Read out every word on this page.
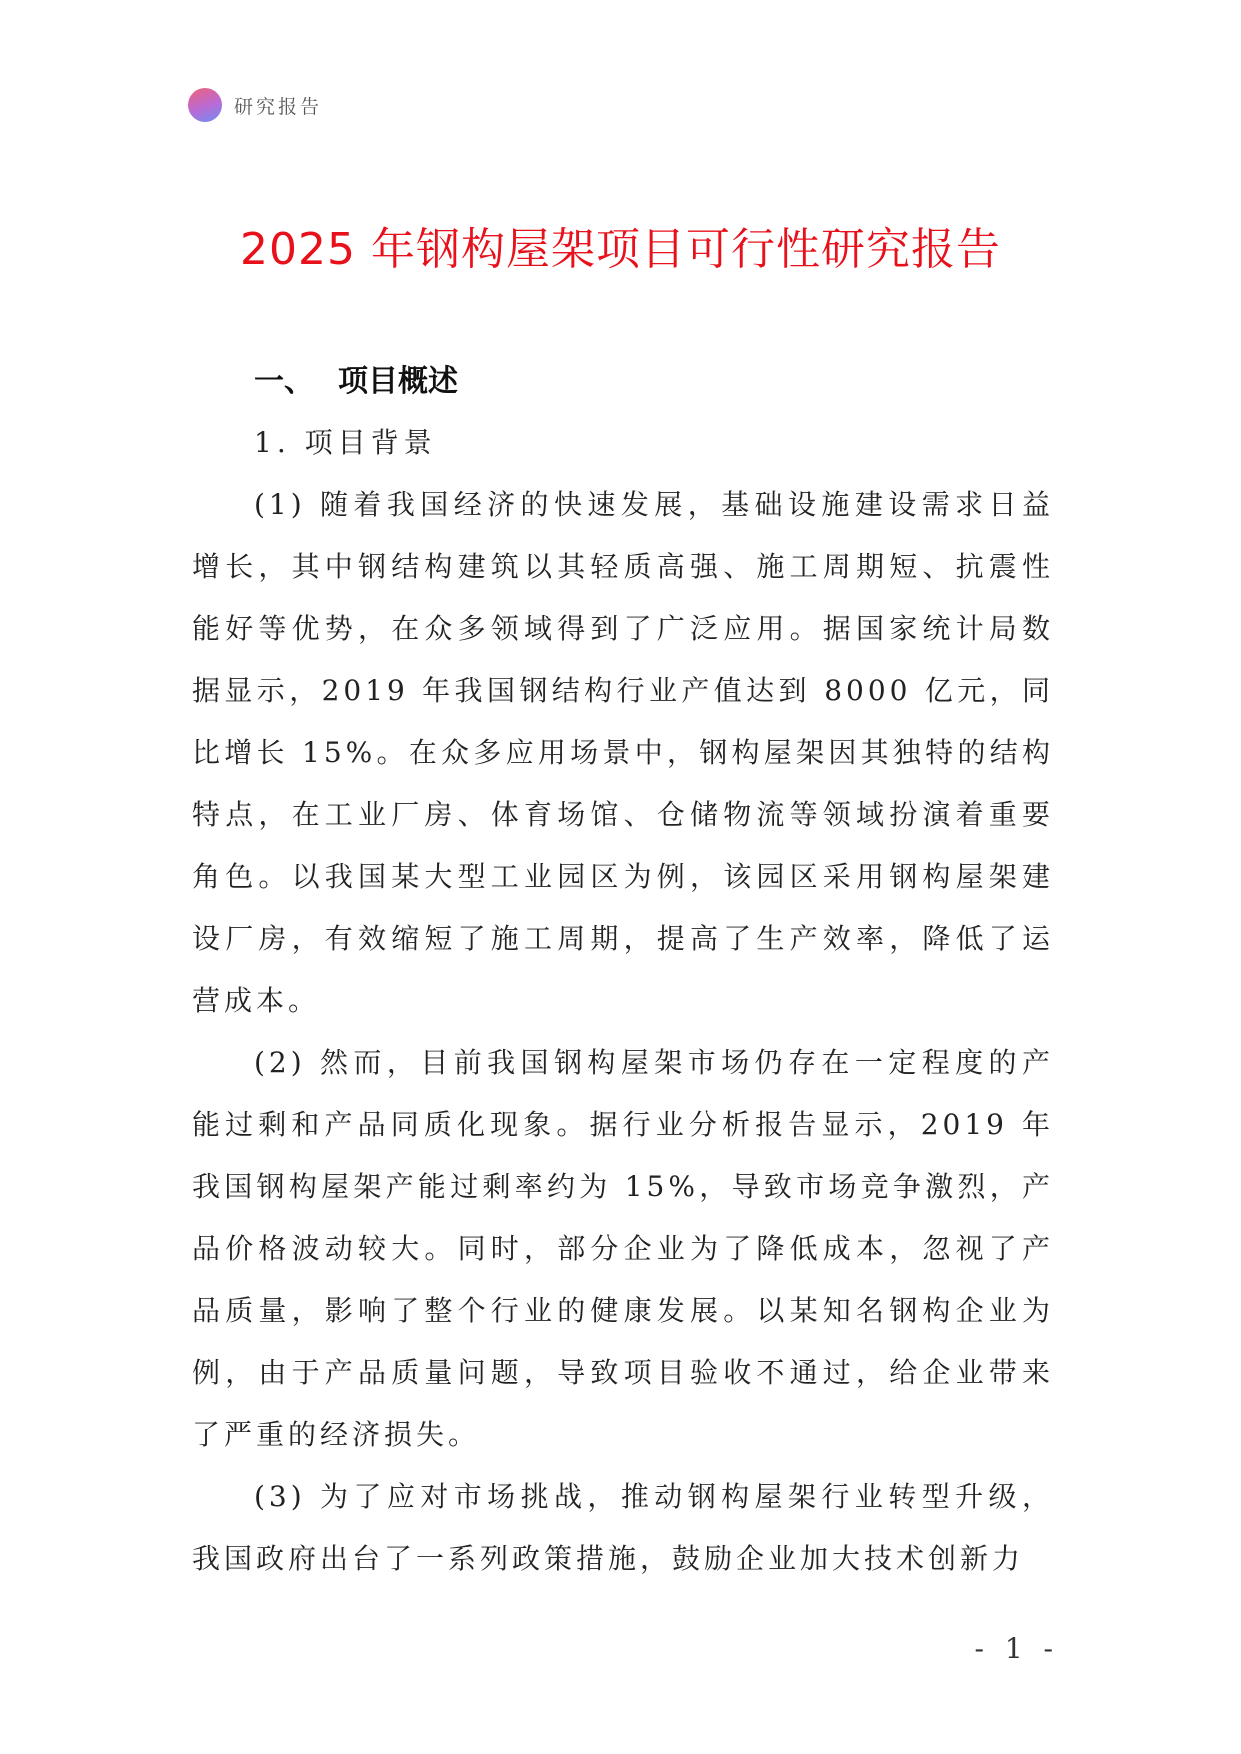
研究报告
2025 年钢构屋架项目可行性研究报告
一、 项目概述
1. 项目背景

(1) 随着我国经济的快速发展，基础设施建设需求日益增长，其中钢结构建筑以其轻质高强、施工周期短、抗震性能好等优势，在众多领域得到了广泛应用。据国家统计局数据显示，2019 年我国钢结构行业产值达到 8000 亿元，同比增长 15%。在众多应用场景中，钢构屋架因其独特的结构特点，在工业厂房、体育场馆、仓储物流等领域扮演着重要角色。以我国某大型工业园区为例，该园区采用钢构屋架建设厂房，有效缩短了施工周期，提高了生产效率，降低了运营成本。

(2) 然而，目前我国钢构屋架市场仍存在一定程度的产能过剩和产品同质化现象。据行业分析报告显示，2019 年我国钢构屋架产能过剩率约为 15%，导致市场竞争激烈，产品价格波动较大。同时，部分企业为了降低成本，忽视了产品质量，影响了整个行业的健康发展。以某知名钢构企业为例，由于产品质量问题，导致项目验收不通过，给企业带来了严重的经济损失。

(3) 为了应对市场挑战，推动钢构屋架行业转型升级，我国政府出台了一系列政策措施，鼓励企业加大技术创新力

- 1 -
